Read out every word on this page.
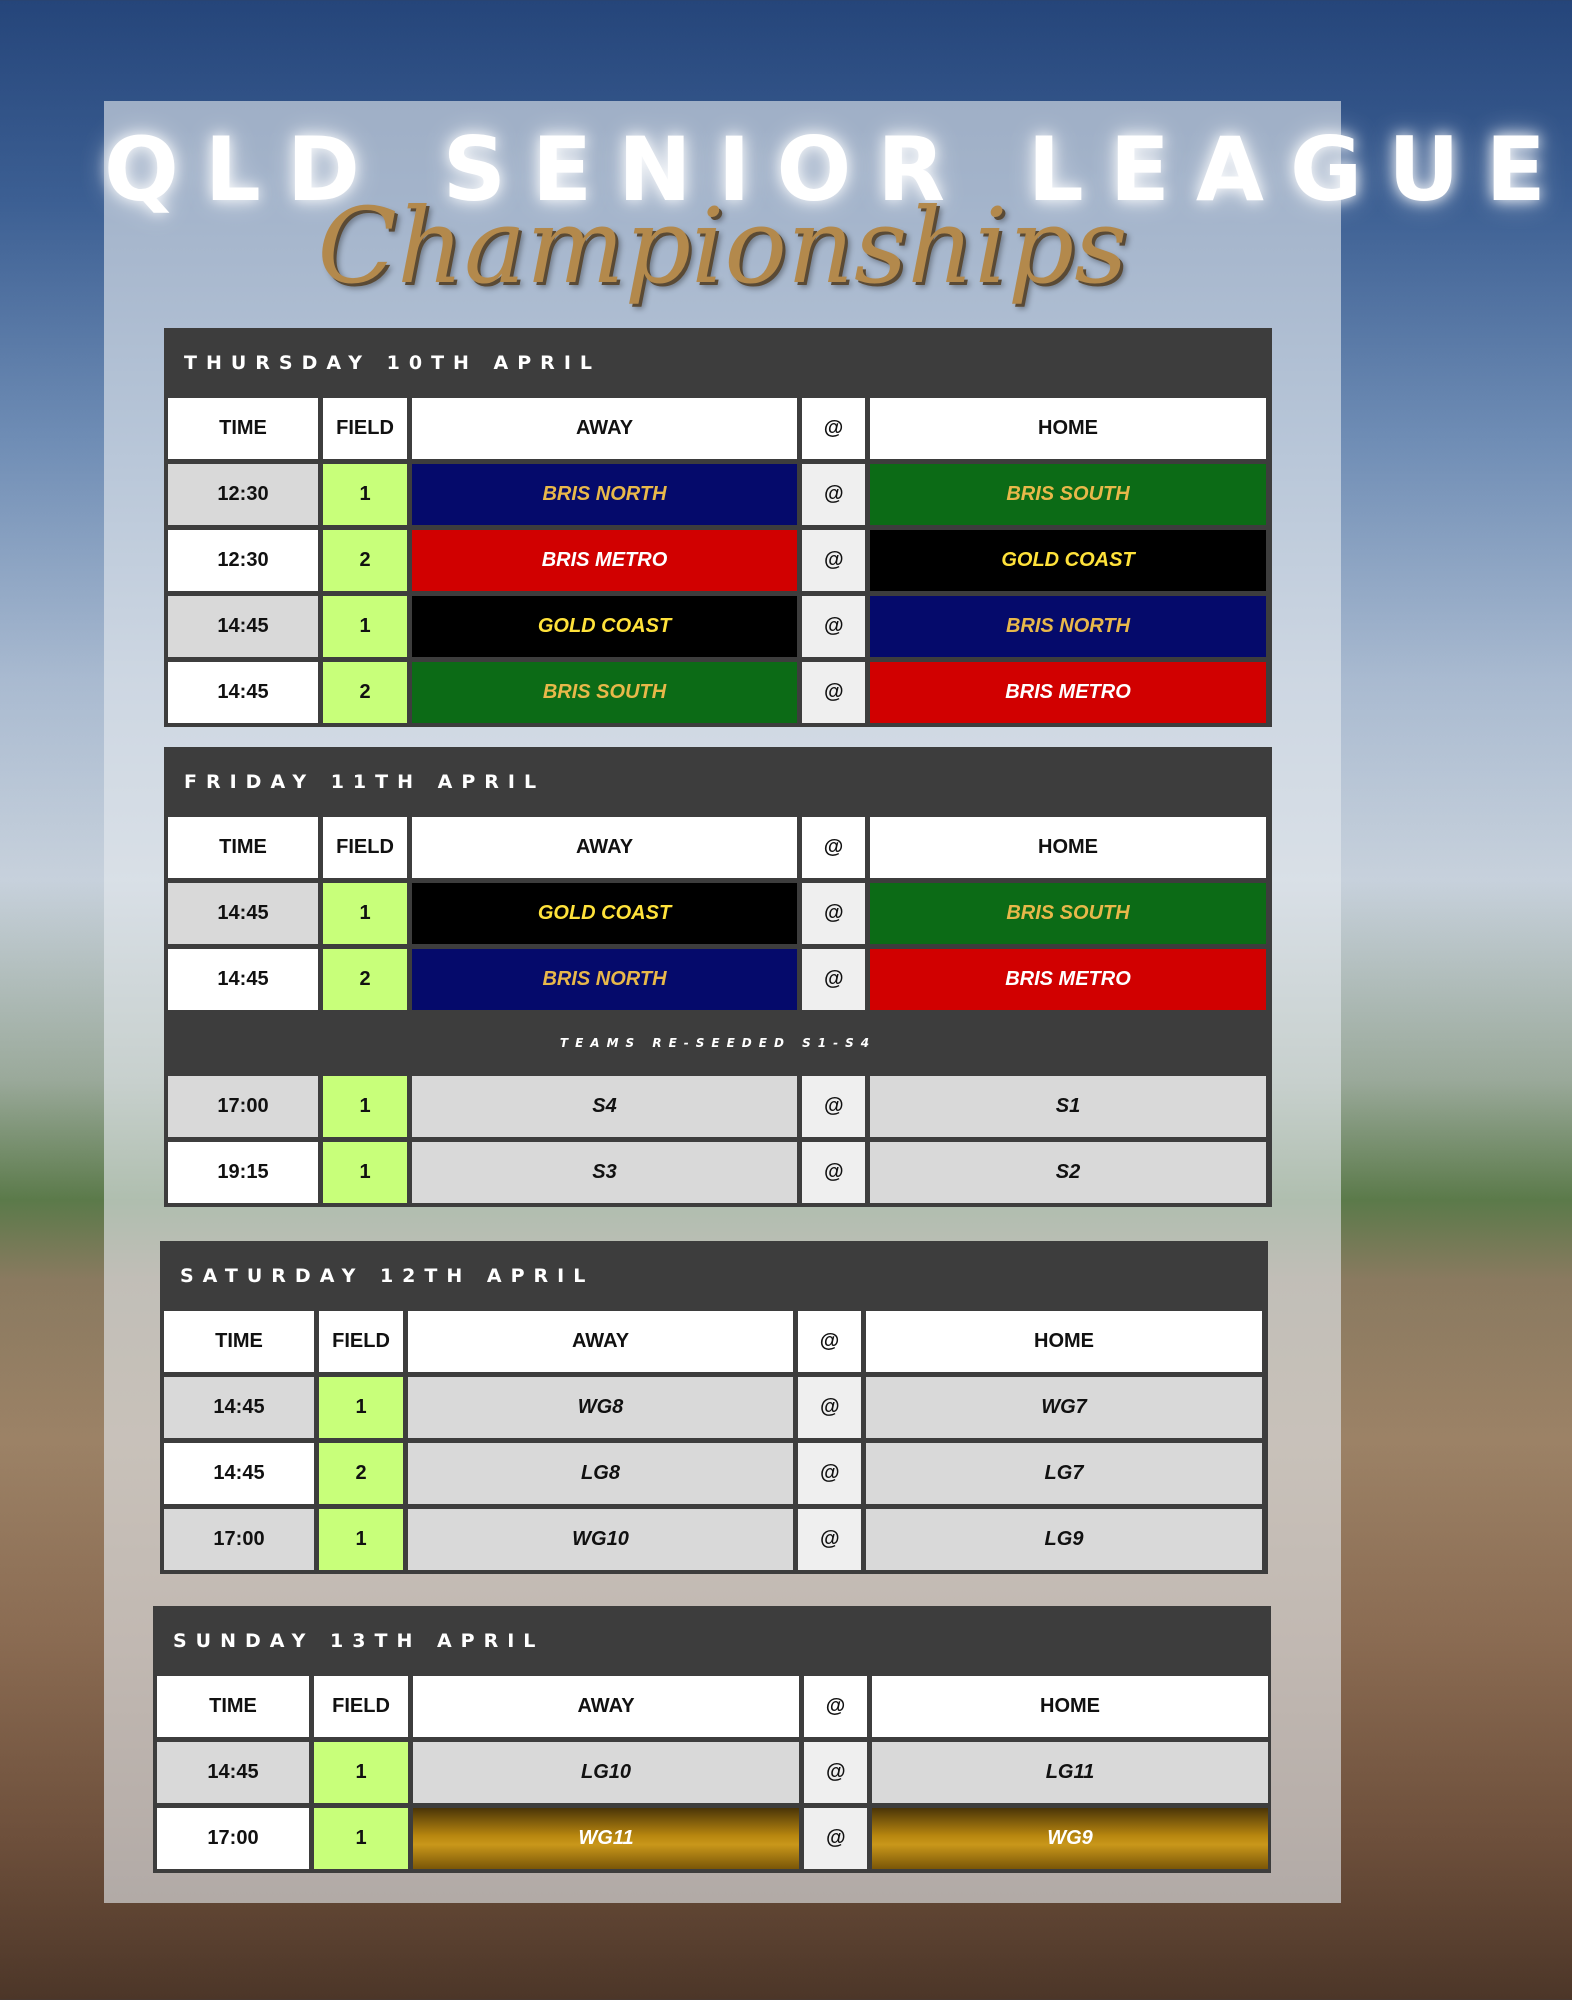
QLD SENIOR LEAGUE
Championships
THURSDAY 10TH APRIL
TIME	FIELD	AWAY	@	HOME
12:30	1	BRIS NORTH	@	BRIS SOUTH
12:30	2	BRIS METRO	@	GOLD COAST
14:45	1	GOLD COAST	@	BRIS NORTH
14:45	2	BRIS SOUTH	@	BRIS METRO
FRIDAY 11TH APRIL
TIME	FIELD	AWAY	@	HOME
14:45	1	GOLD COAST	@	BRIS SOUTH
14:45	2	BRIS NORTH	@	BRIS METRO
TEAMS RE-SEEDED S1-S4
17:00	1	S4	@	S1
19:15	1	S3	@	S2
SATURDAY 12TH APRIL
TIME	FIELD	AWAY	@	HOME
14:45	1	WG8	@	WG7
14:45	2	LG8	@	LG7
17:00	1	WG10	@	LG9
SUNDAY 13TH APRIL
TIME	FIELD	AWAY	@	HOME
14:45	1	LG10	@	LG11
17:00	1	WG11	@	WG9
